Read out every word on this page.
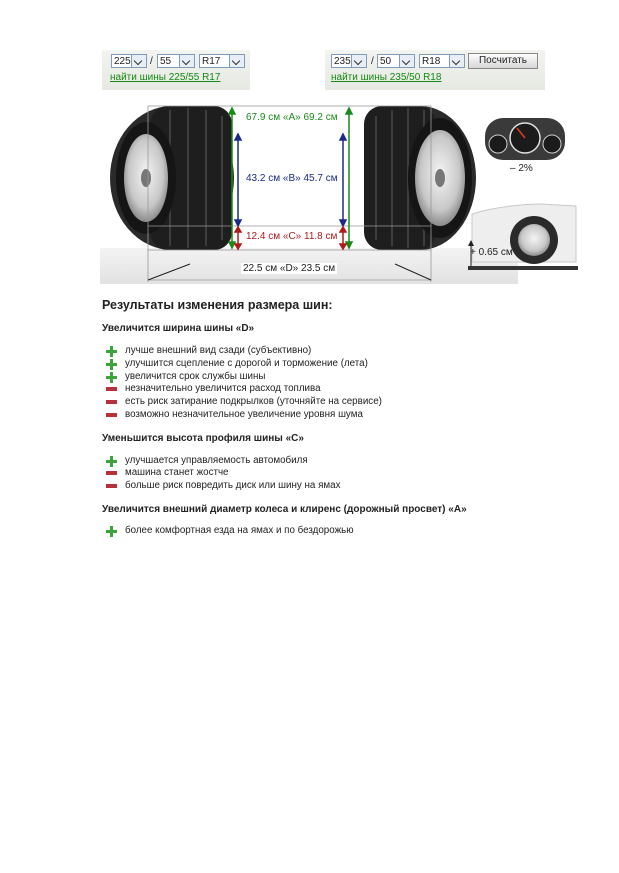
225	/ 55	R17
найти шины 225/55 R17
235	/ 50	R18	Посчитать
найти шины 235/50 R18
67.9 см «A» 69.2 см
43.2 см «B» 45.7 см
12.4 см «C» 11.8 см
22.5 см «D» 23.5 см
– 2%
+ 0.65 см
Результаты изменения размера шин:
Увеличится ширина шины «D»
лучше внешний вид сзади (субъективно)
улучшится сцепление с дорогой и торможение (лета)
увеличится срок службы шины
незначительно увеличится расход топлива
есть риск затирание подкрылков (уточняйте на сервисе)
возможно незначительное увеличение уровня шума
Уменьшится высота профиля шины «C»
улучшается управляемость автомобиля
машина станет жостче
больше риск повредить диск или шину на ямах
Увеличится внешний диаметр колеса и клиренс (дорожный просвет) «A»
более комфортная езда на ямах и по бездорожью
